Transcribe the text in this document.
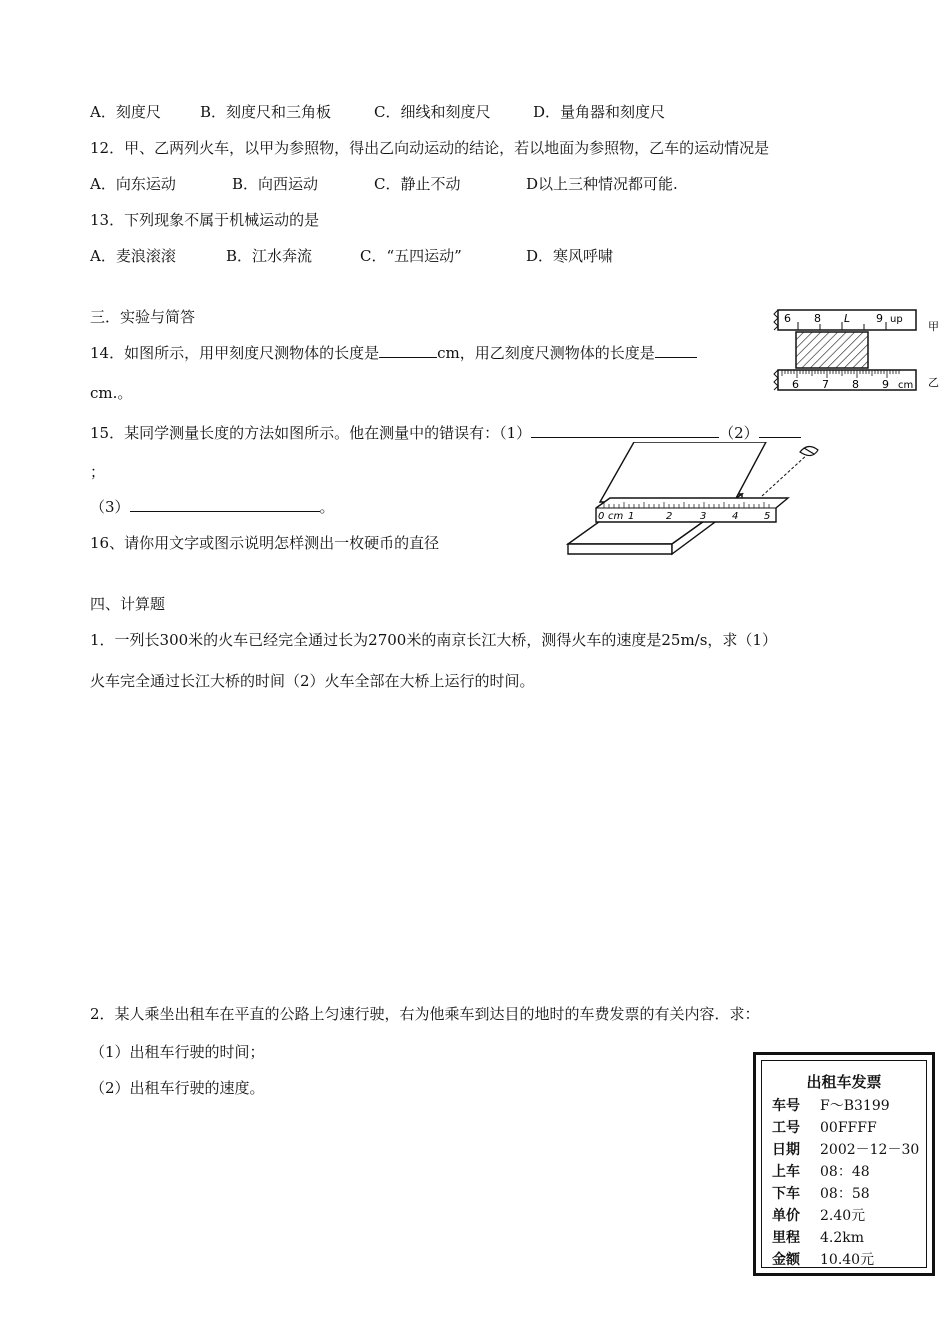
A．刻度尺	B．刻度尺和三角板	C．细线和刻度尺	D．量角器和刻度尺
12．甲、乙两列火车，以甲为参照物，得出乙向动运动的结论，若以地面为参照物，乙车的运动情况是
A．向东运动	B．向西运动	C．静止不动	D以上三种情况都可能.
13．下列现象不属于机械运动的是
A．麦浪滚滚	B．江水奔流	C．“五四运动”	D．寒风呼啸
三．实验与简答
14．如图所示，用甲刻度尺测物体的长度是	cm，用乙刻度尺测物体的长度是
cm.。
6 8 L 9 up
甲
6 7 8 9 cm 乙
15．某同学测量长度的方法如图所示。他在测量中的错误有：（1）	（2）
；
（3）	。
0 cm 1	2	3	4	5
16、请你用文字或图示说明怎样测出一枚硬币的直径
四、计算题
1．一列长300米的火车已经完全通过长为2700米的南京长江大桥，测得火车的速度是25m/s，求（1）
火车完全通过长江大桥的时间（2）火车全部在大桥上运行的时间。
2．某人乘坐出租车在平直的公路上匀速行驶，右为他乘车到达目的地时的车费发票的有关内容．求：
（1）出租车行驶的时间；
（2）出租车行驶的速度。	出租车发票
车号 F～B3199
工号 00FFFF
日期 2002－12－30
上车 08：48
下车 08：58
单价 2.40元
里程 4.2km
金额 10.40元
